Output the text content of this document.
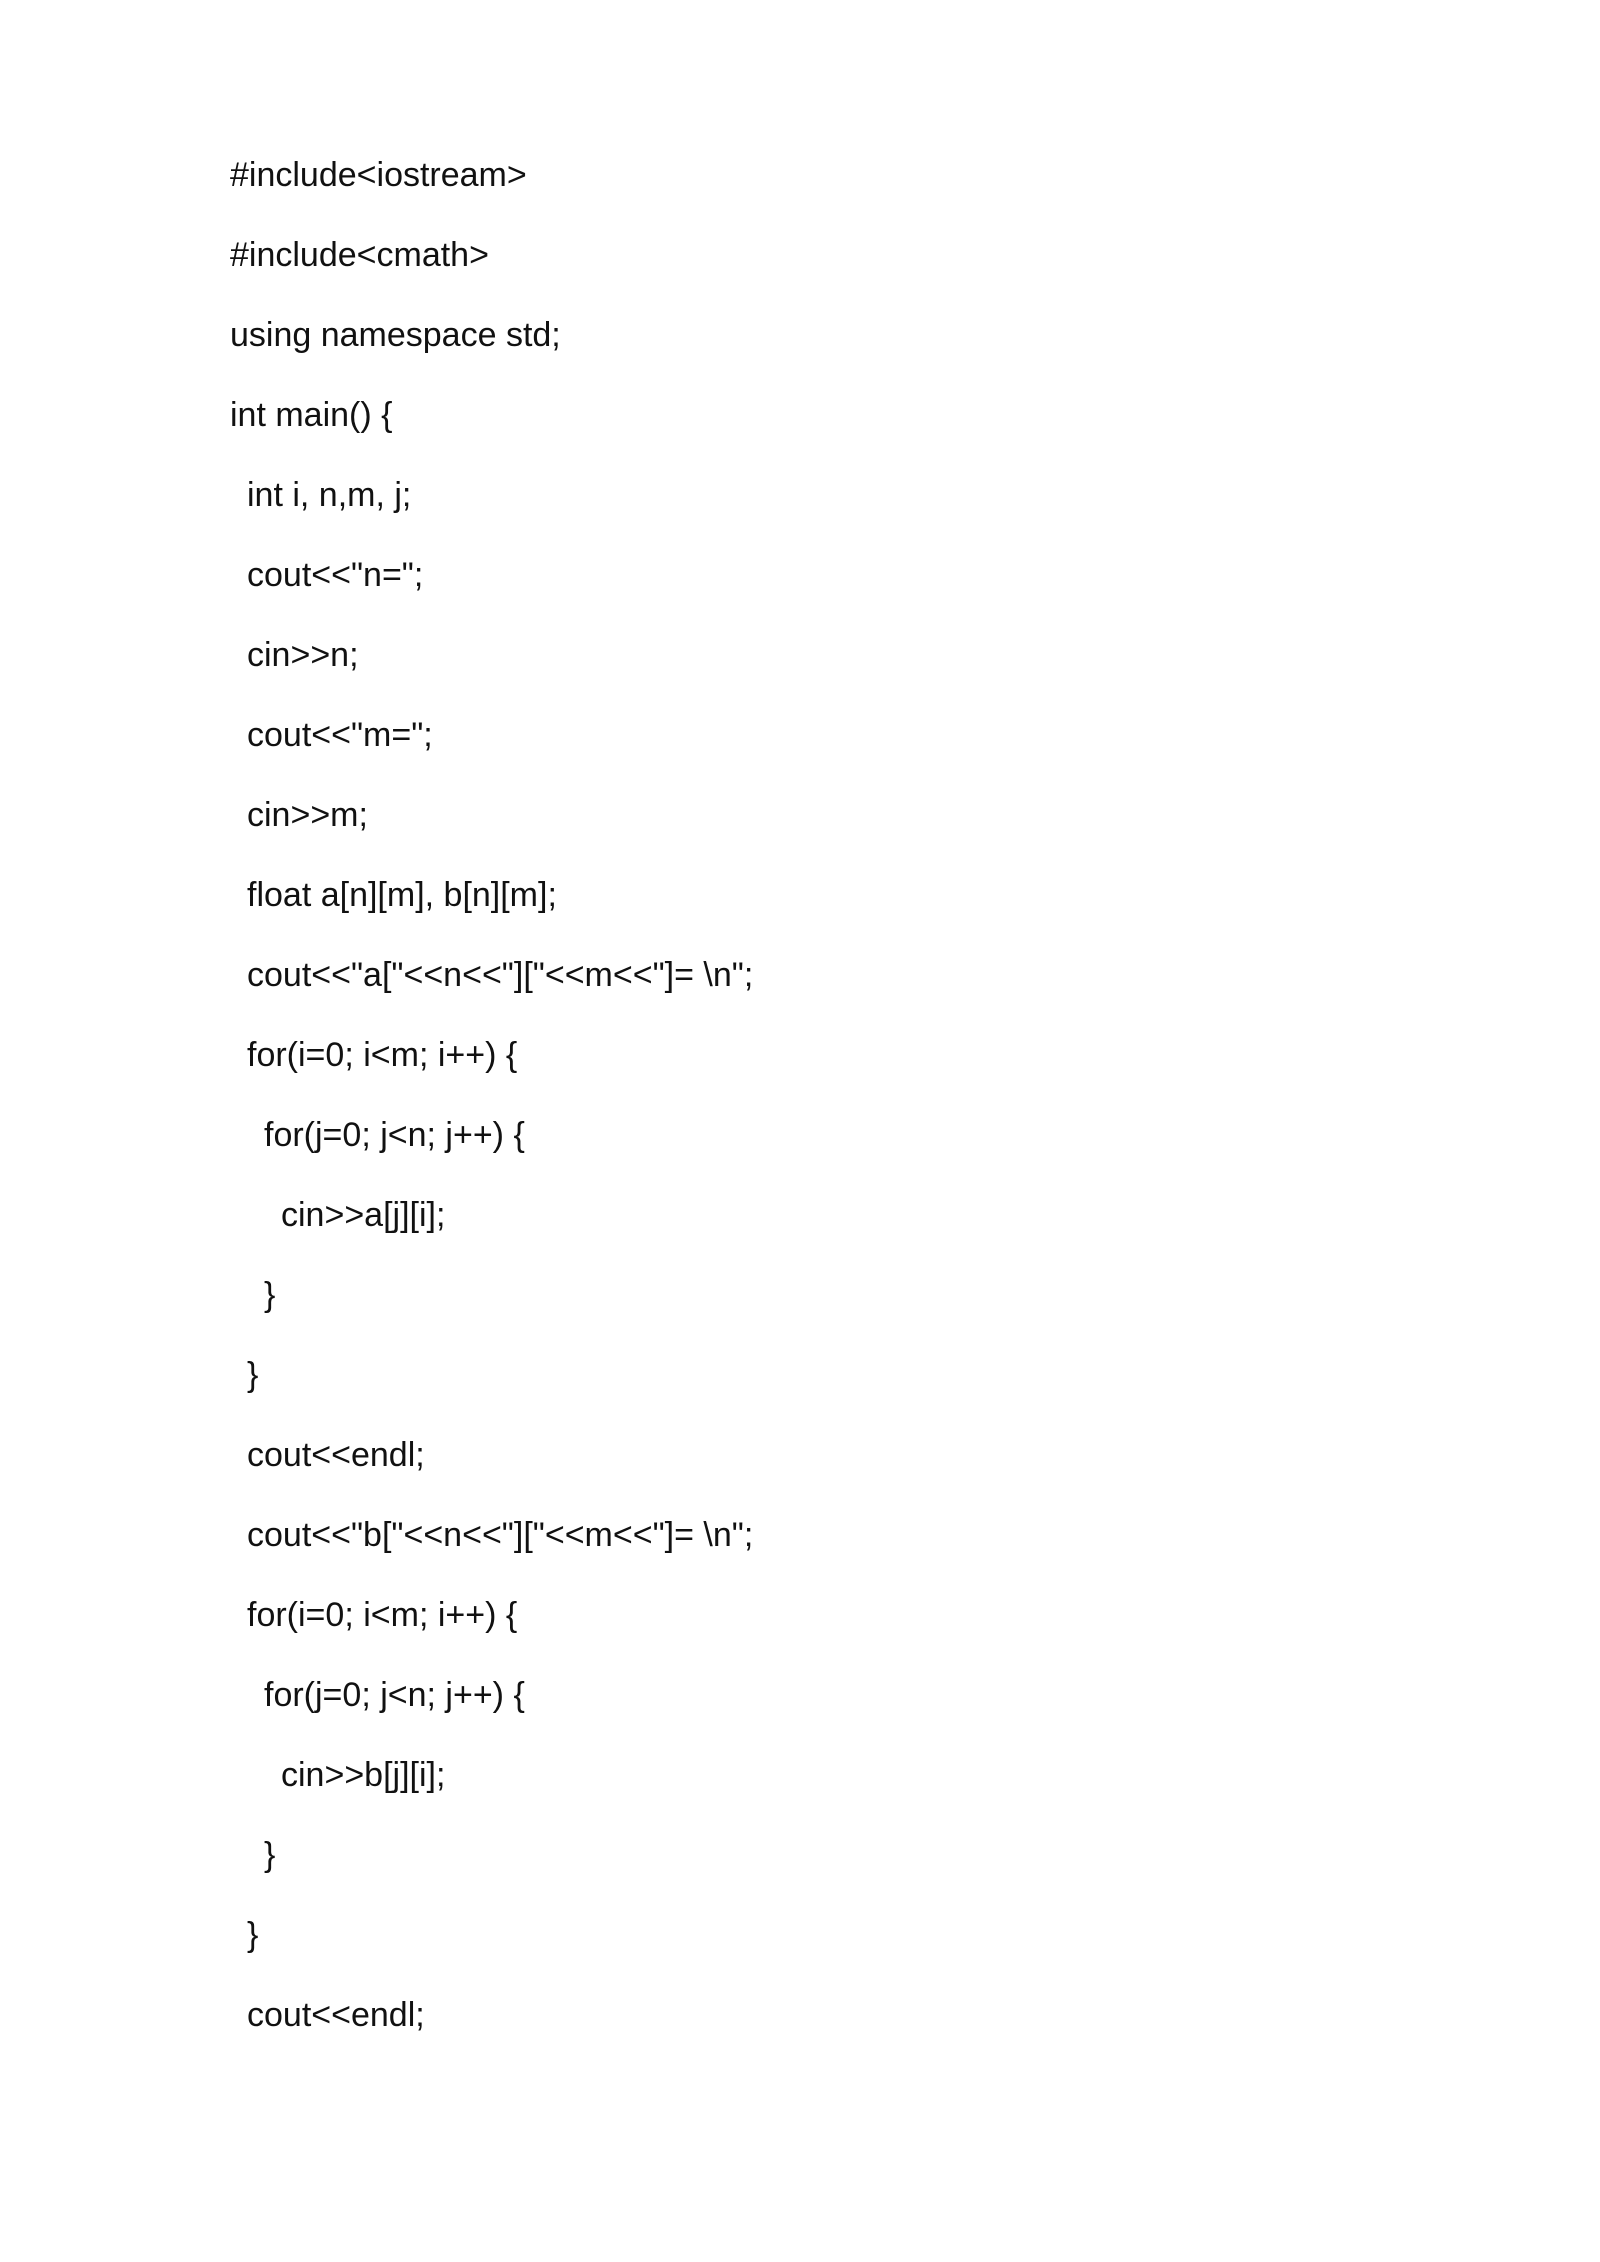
#include<iostream>
#include<cmath>
using namespace std;
int main() {
int i, n,m, j;
cout<<"n=";
cin>>n;
cout<<"m=";
cin>>m;
float a[n][m], b[n][m];
cout<<"a["<<n<<"]["<<m<<"]= \n";
for(i=0; i<m; i++) {
for(j=0; j<n; j++) {
cin>>a[j][i];
}
}
cout<<endl;
cout<<"b["<<n<<"]["<<m<<"]= \n";
for(i=0; i<m; i++) {
for(j=0; j<n; j++) {
cin>>b[j][i];
}
}
cout<<endl;
